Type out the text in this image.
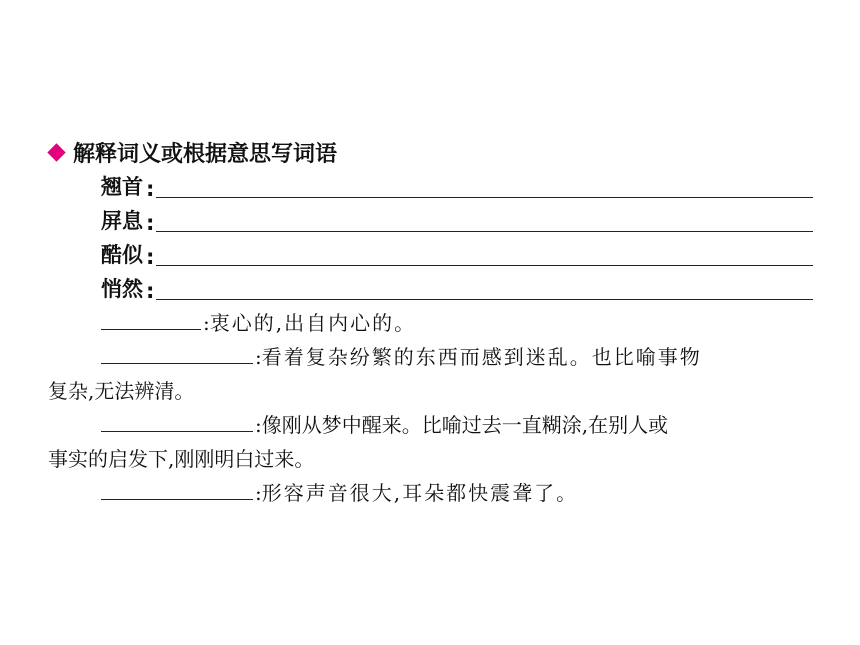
解释词义或根据意思写词语
翘首 :
屏息 :
酷似 :
悄然 :
:衷心的,出自内心的。
:看着复杂纷繁的东西而感到迷乱。也比喻事物
复杂,无法辨清。
:像刚从梦中醒来。比喻过去一直糊涂,在别人或
事实的启发下,刚刚明白过来。
:形容声音很大,耳朵都快震聋了。
